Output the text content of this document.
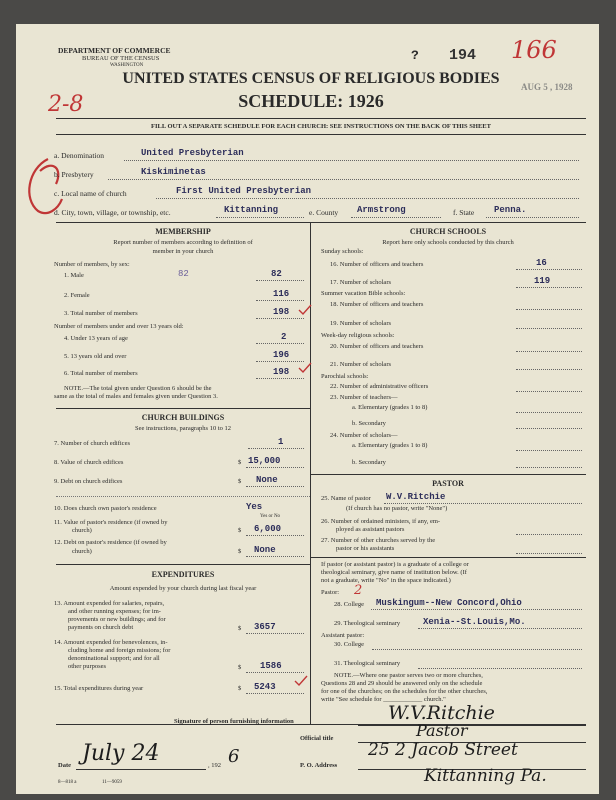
DEPARTMENT OF COMMERCE
BUREAU OF THE CENSUS
WASHINGTON
? 194 166
AUG 5 , 1928
UNITED STATES CENSUS OF RELIGIOUS BODIES
SCHEDULE: 1926
2-8
FILL OUT A SEPARATE SCHEDULE FOR EACH CHURCH: SEE INSTRUCTIONS ON THE BACK OF THIS SHEET
a. Denomination	United Presbyterian
b. Presbytery	Kiskiminetas
c. Local name of church	First United Presbyterian
d. City, town, village, or township, etc.	Kittanning	e. County Armstrong	f. State Penna.
MEMBERSHIP
Report number of members according to definition of
member in your church
Number of members, by sex:
1. Male	82	82
2. Female	116
3. Total number of members	198
Number of members under and over 13 years old:
4. Under 13 years of age	2
5. 13 years old and over	196
6. Total number of members	198
NOTE.—The total given under Question 6 should be the
same as the total of males and females given under Question 3.
CHURCH BUILDINGS
See instructions, paragraphs 10 to 12
7. Number of church edifices	1
8. Value of church edifices	$ 15,000
9. Debt on church edifices	$ None
10. Does church own pastor's residence	Yes
Yes or No
11. Value of pastor's residence (if owned by
church)	$ 6,000
12. Debt on pastor's residence (if owned by
church)	$ None
EXPENDITURES
Amount expended by your church during last fiscal year
13. Amount expended for salaries, repairs,
and other running expenses; for im-
provements or new buildings; and for
payments on church debt	$ 3657
14. Amount expended for benevolences, in-
cluding home and foreign missions; for
denominational support; and for all
other purposes	$ 1586
15. Total expenditures during year	$ 5243
CHURCH SCHOOLS
Report here only schools conducted by this church
Sunday schools:
16. Number of officers and teachers	16
17. Number of scholars	119
Summer vacation Bible schools:
18. Number of officers and teachers
19. Number of scholars
Week-day religious schools:
20. Number of officers and teachers
21. Number of scholars
Parochial schools:
22. Number of administrative officers
23. Number of teachers—
a. Elementary (grades 1 to 8)
b. Secondary
24. Number of scholars—
a. Elementary (grades 1 to 8)
b. Secondary
PASTOR
25. Name of pastor W.V.Ritchie
(If church has no pastor, write "None")
26. Number of ordained ministers, if any, em-
ployed as assistant pastors
27. Number of other churches served by the
pastor or his assistants
If pastor (or assistant pastor) is a graduate of a college or
theological seminary, give name of institution below. (If
not a graduate, write "No" in the space indicated.)
Pastor: 2
28. College Muskingum--New Concord,Ohio
29. Theological seminary	Xenia--St.Louis,Mo.
Assistant pastor:
30. College
31. Theological seminary
NOTE.—Where one pastor serves two or more churches,
Questions 28 and 29 should be answered only on the schedule
for one of the churches; on the schedules for the other churches,
write "See schedule for ____________ church."
Signature of person furnishing information	W.V.Ritchie
Official title	Pastor
Date July 24	, 192 6	P. O. Address
25 2 Jacob Street
Kittanning Pa.
8—818 a	11—9059
